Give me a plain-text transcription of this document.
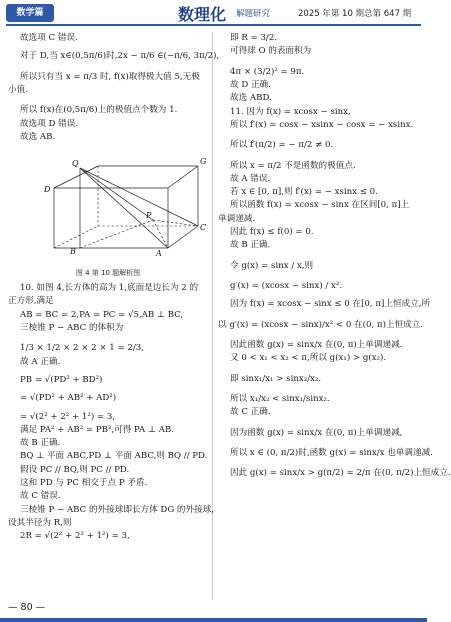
数学篇	数理化 解题研究	2025 年第 10 期总第 647 期
故选项 C 错误.
对于 D,当 x∈(0,5π/6)时,2x − π/6 ∈(−π/6, 3π/2),
所以只有当 x = π/3 时, f(x)取得极大值 5,无极
小值.
所以 f(x)在(0,5π/6)上的极值点个数为 1.
故选项 D 错误.
故选 AB.
Q
P
B	A
C
D
G
图 4 第 10 题解析图
10. 如图 4,长方体的高为 1,底面是边长为 2 的
正方形,满足
AB = BC = 2,PA = PC = √5,AB ⊥ BC,
三棱锥 P − ABC 的体积为
1/3 × 1/2 × 2 × 2 × 1 = 2/3,
故 A 正确.
PB = √(PD² + BD²)
= √(PD² + AB² + AD²)
= √(2² + 2² + 1²) = 3,
满足 PA² + AB² = PB²,可得 PA ⊥ AB.
故 B 正确.
BQ ⊥ 平面 ABC,PD ⊥ 平面 ABC,则 BQ // PD.
假设 PC // BQ,则 PC // PD.
这和 PD 与 PC 相交于点 P 矛盾.
故 C 错误.
三棱锥 P − ABC 的外接球即长方体 DG 的外接球,
设其半径为 R,则
2R = √(2² + 2² + 1²) = 3,
即 R = 3/2.
可得球 O 的表面积为
4π × (3/2)² = 9π.
故 D 正确.
故选 ABD.
11. 因为 f(x) = xcosx − sinx,
所以 f′(x) = cosx − xsinx − cosx = − xsinx.
所以 f′(π/2) = − π/2 ≠ 0.
所以 x = π/2 不是函数的极值点.
故 A 错误.
若 x ∈ [0, π],则 f′(x) = − xsinx ≤ 0.
所以函数 f(x) = xcosx − sinx 在区间[0, π]上
单调递减.
因此 f(x) ≤ f(0) = 0.
故 B 正确.
令 g(x) = sinx / x,则
g′(x) = (xcosx − sinx) / x².
因为 f(x) = xcosx − sinx ≤ 0 在[0, π]上恒成立,所
以 g′(x) = (xcosx − sinx)/x² < 0 在(0, π)上恒成立.
因此函数 g(x) = sinx/x 在(0, π)上单调递减.
又 0 < x₁ < x₂ < π,所以 g(x₁) > g(x₂).
即 sinx₁/x₁ > sinx₂/x₂.
所以 x₁/x₂ < sinx₁/sinx₂.
故 C 正确.
因为函数 g(x) = sinx/x 在(0, π)上单调递减,
所以 x ∈ (0, π/2)时,函数 g(x) = sinx/x 也单调递减.
因此 g(x) = sinx/x > g(π/2) = 2/π 在(0, π/2)上恒成立.
— 80 —
